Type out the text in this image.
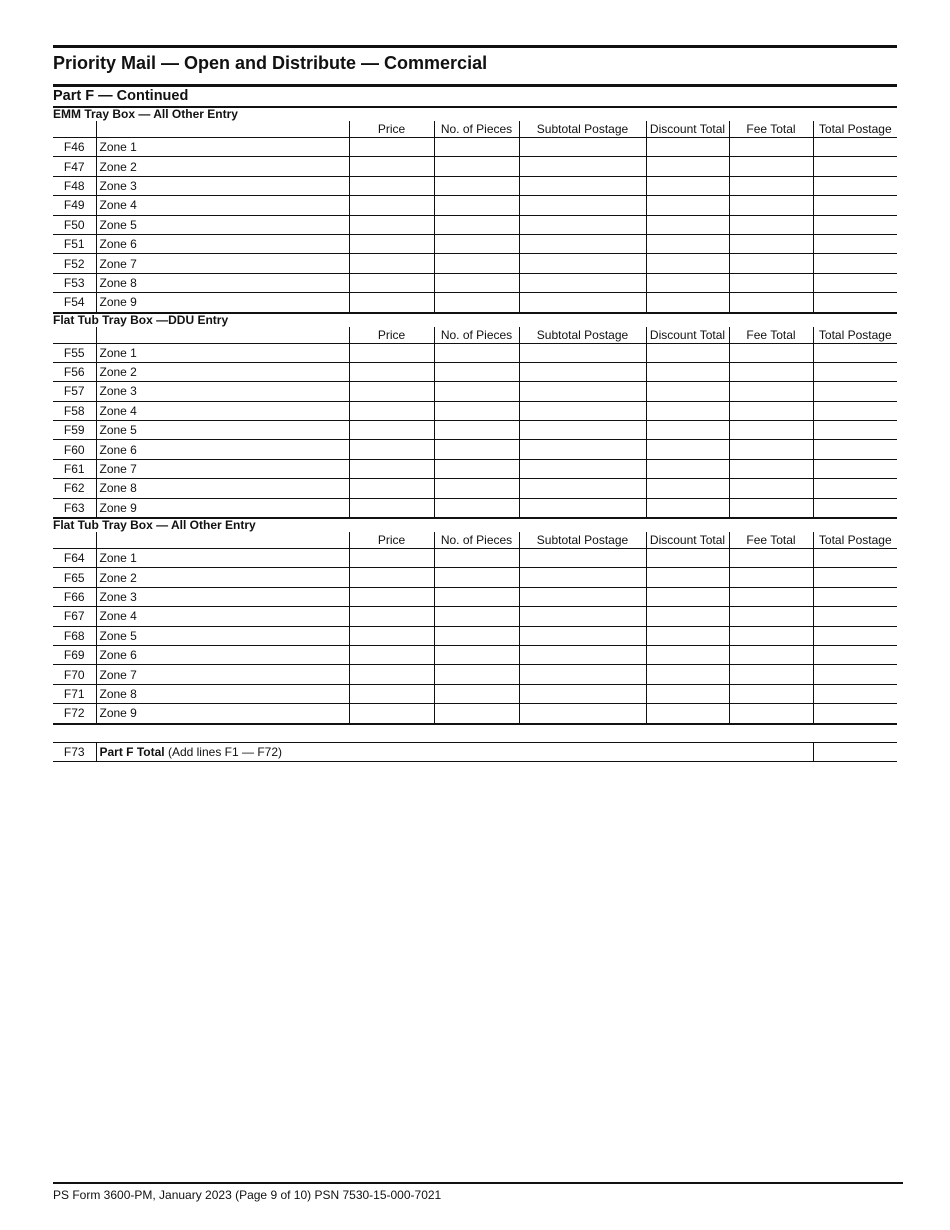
Priority Mail — Open and Distribute — Commercial
Part F — Continued
EMM Tray Box — All Other Entry							
		Price	No. of Pieces	Subtotal Postage	Discount Total	Fee Total	Total Postage
F46	Zone 1						
F47	Zone 2						
F48	Zone 3						
F49	Zone 4						
F50	Zone 5						
F51	Zone 6						
F52	Zone 7						
F53	Zone 8						
F54	Zone 9						
Flat Tub Tray Box —DDU Entry							
		Price	No. of Pieces	Subtotal Postage	Discount Total	Fee Total	Total Postage
F55	Zone 1						
F56	Zone 2						
F57	Zone 3						
F58	Zone 4						
F59	Zone 5						
F60	Zone 6						
F61	Zone 7						
F62	Zone 8						
F63	Zone 9						
Flat Tub Tray Box — All Other Entry							
		Price	No. of Pieces	Subtotal Postage	Discount Total	Fee Total	Total Postage
F64	Zone 1						
F65	Zone 2						
F66	Zone 3						
F67	Zone 4						
F68	Zone 5						
F69	Zone 6						
F70	Zone 7						
F71	Zone 8						
F72	Zone 9						

F73	Part F Total (Add lines F1 — F72)	
PS Form 3600-PM, January 2023 (Page 9 of 10) PSN 7530-15-000-7021
